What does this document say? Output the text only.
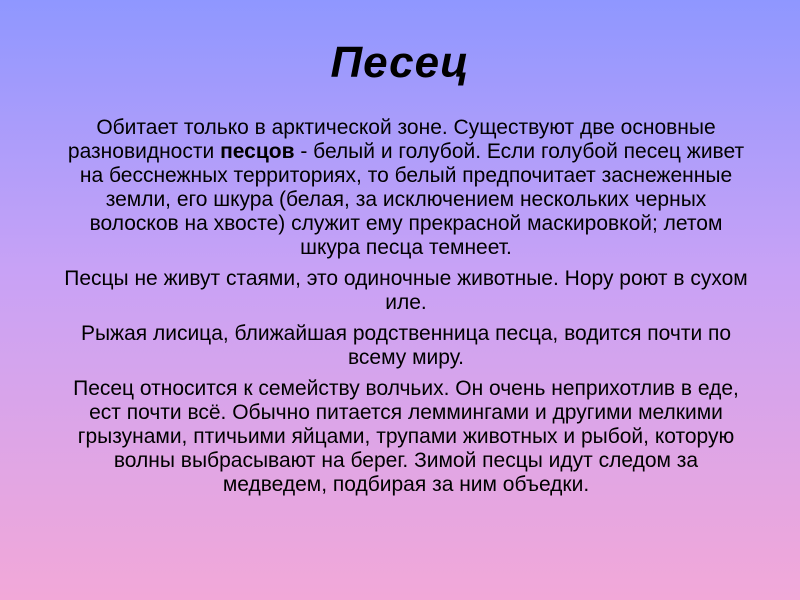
Песец

Обитает только в арктической зоне. Существуют две основные разновидности песцов - белый и голубой. Если голубой песец живет на бесснежных территориях, то белый предпочитает заснеженные земли, его шкура (белая, за исключением нескольких черных волосков на хвосте) служит ему прекрасной маскировкой; летом шкура песца темнеет.

Песцы не живут стаями, это одиночные животные. Нору роют в сухом иле.

Рыжая лисица, ближайшая родственница песца, водится почти по всему миру.

Песец относится к семейству волчьих. Он очень неприхотлив в еде, ест почти всё. Обычно питается леммингами и другими мелкими грызунами, птичьими яйцами, трупами животных и рыбой, которую волны выбрасывают на берег. Зимой песцы идут следом за медведем, подбирая за ним объедки.
